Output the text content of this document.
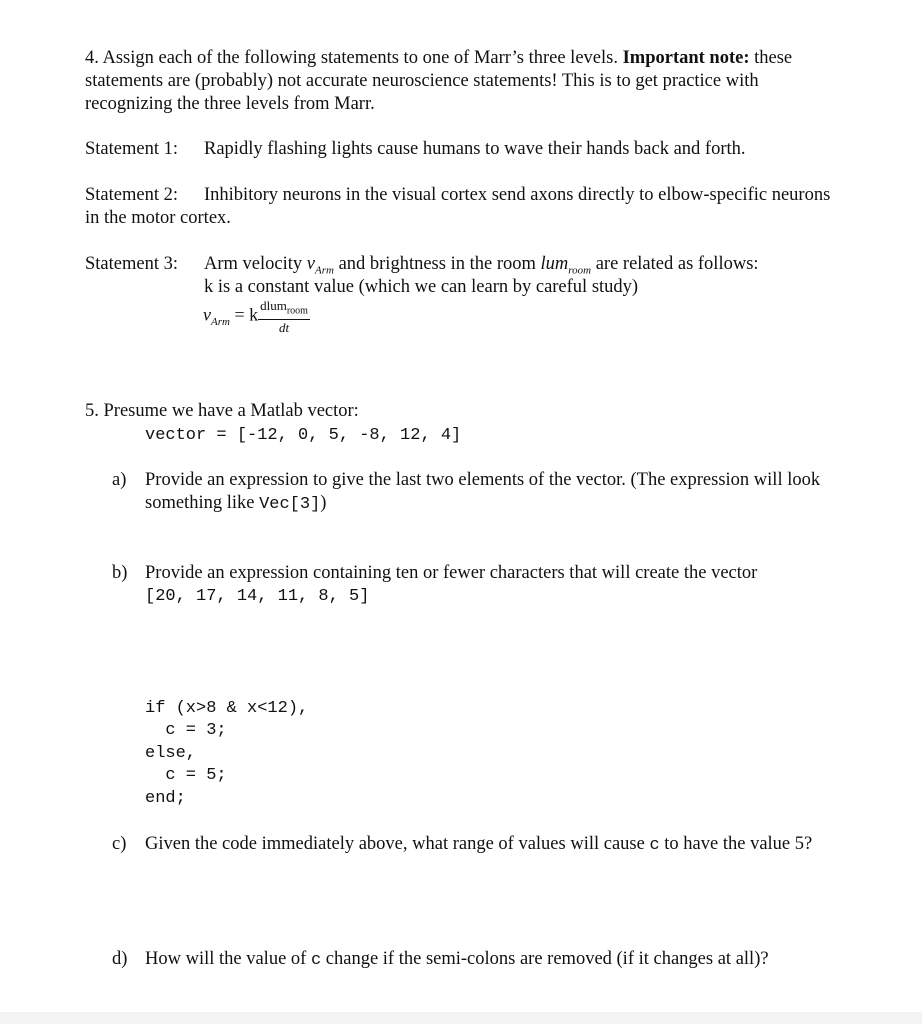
4. Assign each of the following statements to one of Marr’s three levels. Important note: these statements are (probably) not accurate neuroscience statements! This is to get practice with recognizing the three levels from Marr.

Statement 1: Rapidly flashing lights cause humans to wave their hands back and forth.

Statement 2: Inhibitory neurons in the visual cortex send axons directly to elbow-specific neurons in the motor cortex.

Statement 3: Arm velocity $v_{Arm}$ and brightness in the room lum$_{room}$ are related as follows:

k is a constant value (which we can learn by careful study)

$v_{Arm} = k \frac{dlum_{room}}{dt}$

5. Presume we have a Matlab vector:

vector = [-12, 0, 5, -8, 12, 4]
a) Provide an expression to give the last two elements of the vector. (The expression will look something like Vec[3])

b) Provide an expression containing ten or fewer characters that will create the vector

[20, 17, 14, 11, 8, 5]
if (x>8 & x<12),
c = 3;
else,
c = 5;
end;
c) Given the code immediately above, what range of values will cause c to have the value 5?

d) How will the value of c change if the semi-colons are removed (if it changes at all)?
